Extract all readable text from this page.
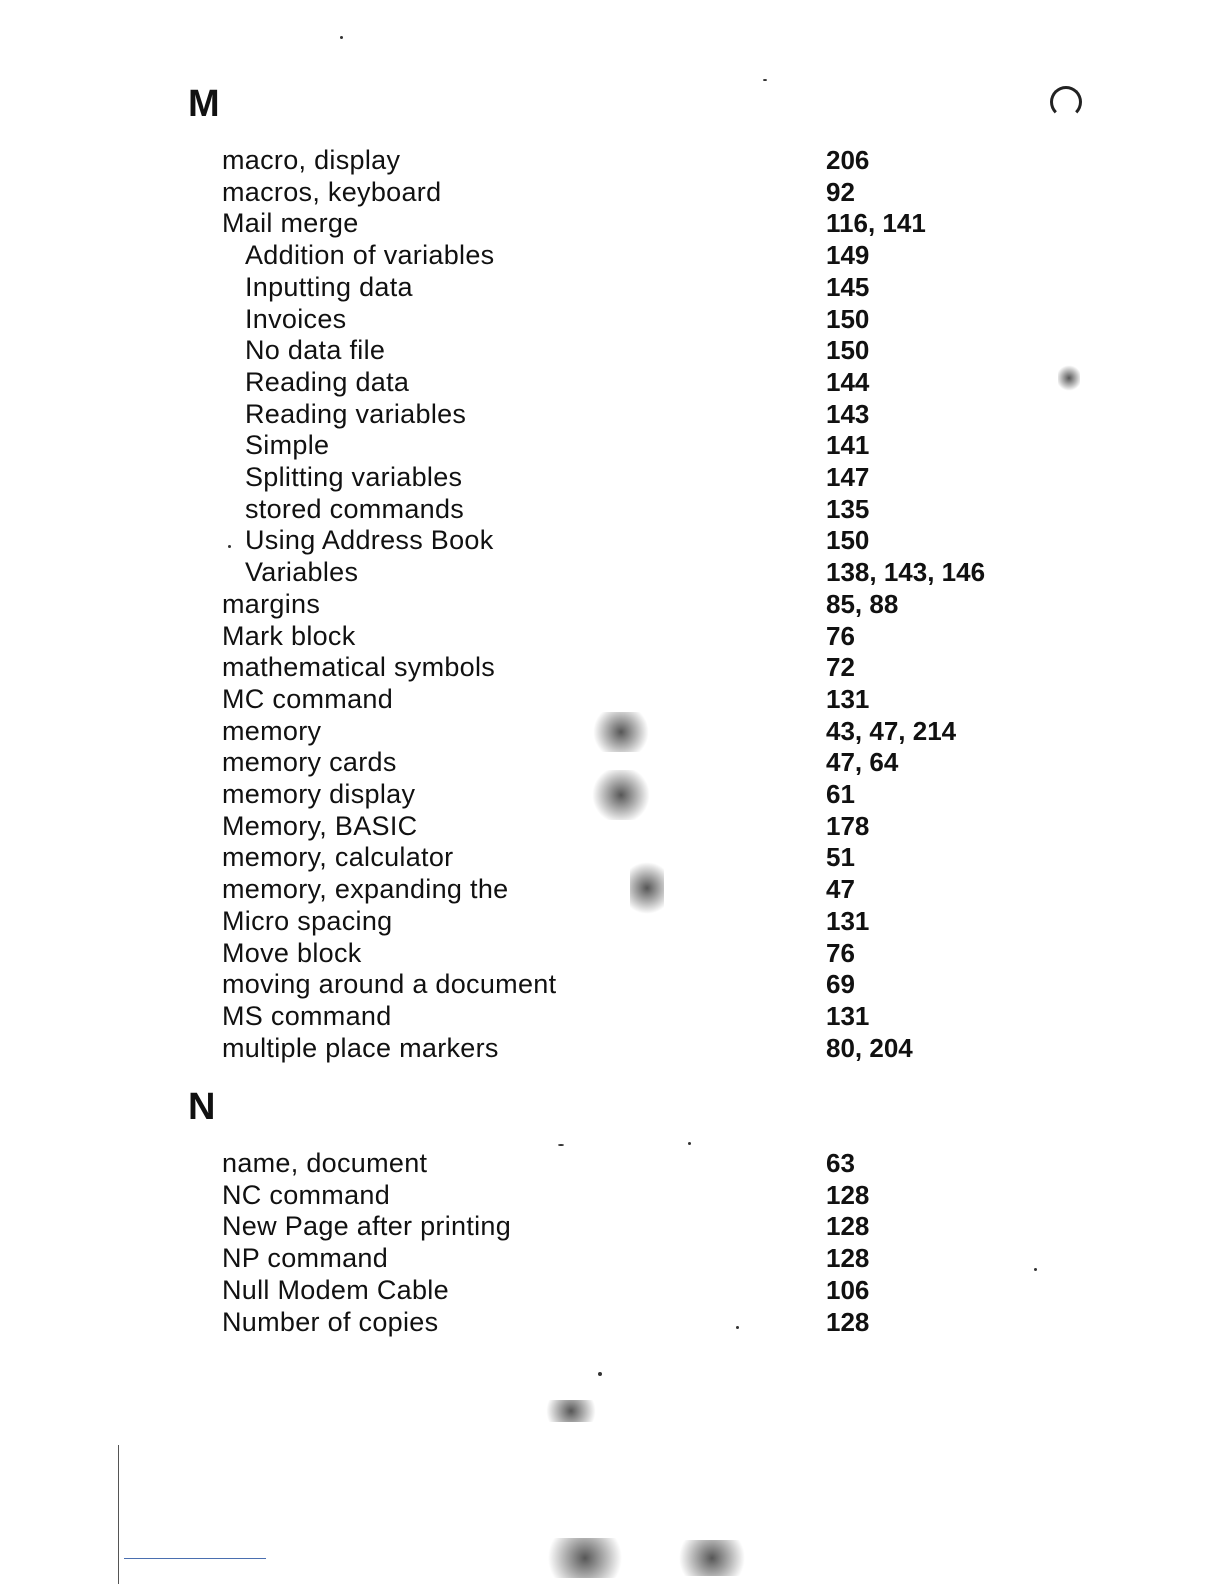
M
macro, display	206
macros, keyboard	92
Mail merge	116, 141
Addition of variables	149
Inputting data	145
Invoices	150
No data file	150
Reading data	144
Reading variables	143
Simple	141
Splitting variables	147
stored commands	135
Using Address Book	150
Variables	138, 143, 146
margins	85, 88
Mark block	76
mathematical symbols	72
MC command	131
memory	43, 47, 214
memory cards	47, 64
memory display	61
Memory, BASIC	178
memory, calculator	51
memory, expanding the	47
Micro spacing	131
Move block	76
moving around a document	69
MS command	131
multiple place markers	80, 204
N
name, document	63
NC command	128
New Page after printing	128
NP command	128
Null Modem Cable	106
Number of copies	128
